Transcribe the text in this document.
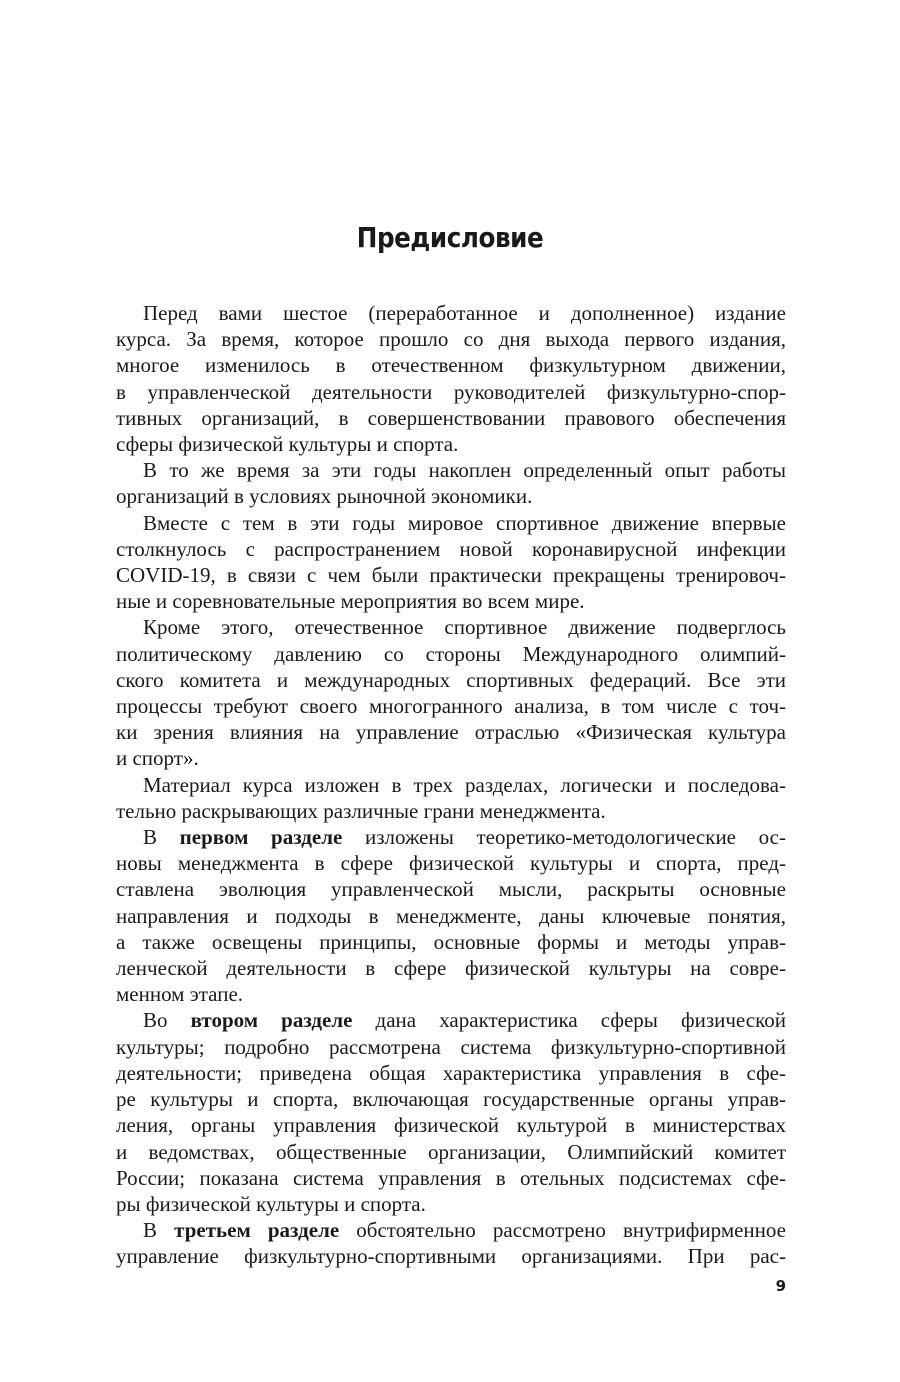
Предисловие

Перед вами шестое (переработанное и дополненное) издание
курса. За время, которое прошло со дня выхода первого издания,
многое изменилось в отечественном физкультурном движении,
в управленческой деятельности руководителей физкультурно-спор-
тивных организаций, в совершенствовании правового обеспечения
сферы физической культуры и спорта.

В то же время за эти годы накоплен определенный опыт работы
организаций в условиях рыночной экономики.

Вместе с тем в эти годы мировое спортивное движение впервые
столкнулось с распространением новой коронавирусной инфекции
COVID-19, в связи с чем были практически прекращены тренировоч-
ные и соревновательные мероприятия во всем мире.

Кроме этого, отечественное спортивное движение подверглось
политическому давлению со стороны Международного олимпий-
ского комитета и международных спортивных федераций. Все эти
процессы требуют своего многогранного анализа, в том числе с точ-
ки зрения влияния на управление отраслью «Физическая культура
и спорт».

Материал курса изложен в трех разделах, логически и последова-
тельно раскрывающих различные грани менеджмента.

В первом разделе изложены теоретико-методологические ос-
новы менеджмента в сфере физической культуры и спорта, пред-
ставлена эволюция управленческой мысли, раскрыты основные
направления и подходы в менеджменте, даны ключевые понятия,
а также освещены принципы, основные формы и методы управ-
ленческой деятельности в сфере физической культуры на совре-
менном этапе.

Во втором разделе дана характеристика сферы физической
культуры; подробно рассмотрена система физкультурно-спортивной
деятельности; приведена общая характеристика управления в сфе-
ре культуры и спорта, включающая государственные органы управ-
ления, органы управления физической культурой в министерствах
и ведомствах, общественные организации, Олимпийский комитет
России; показана система управления в отельных подсистемах сфе-
ры физической культуры и спорта.

В третьем разделе обстоятельно рассмотрено внутрифирменное
управление физкультурно-спортивными организациями. При рас-

9
